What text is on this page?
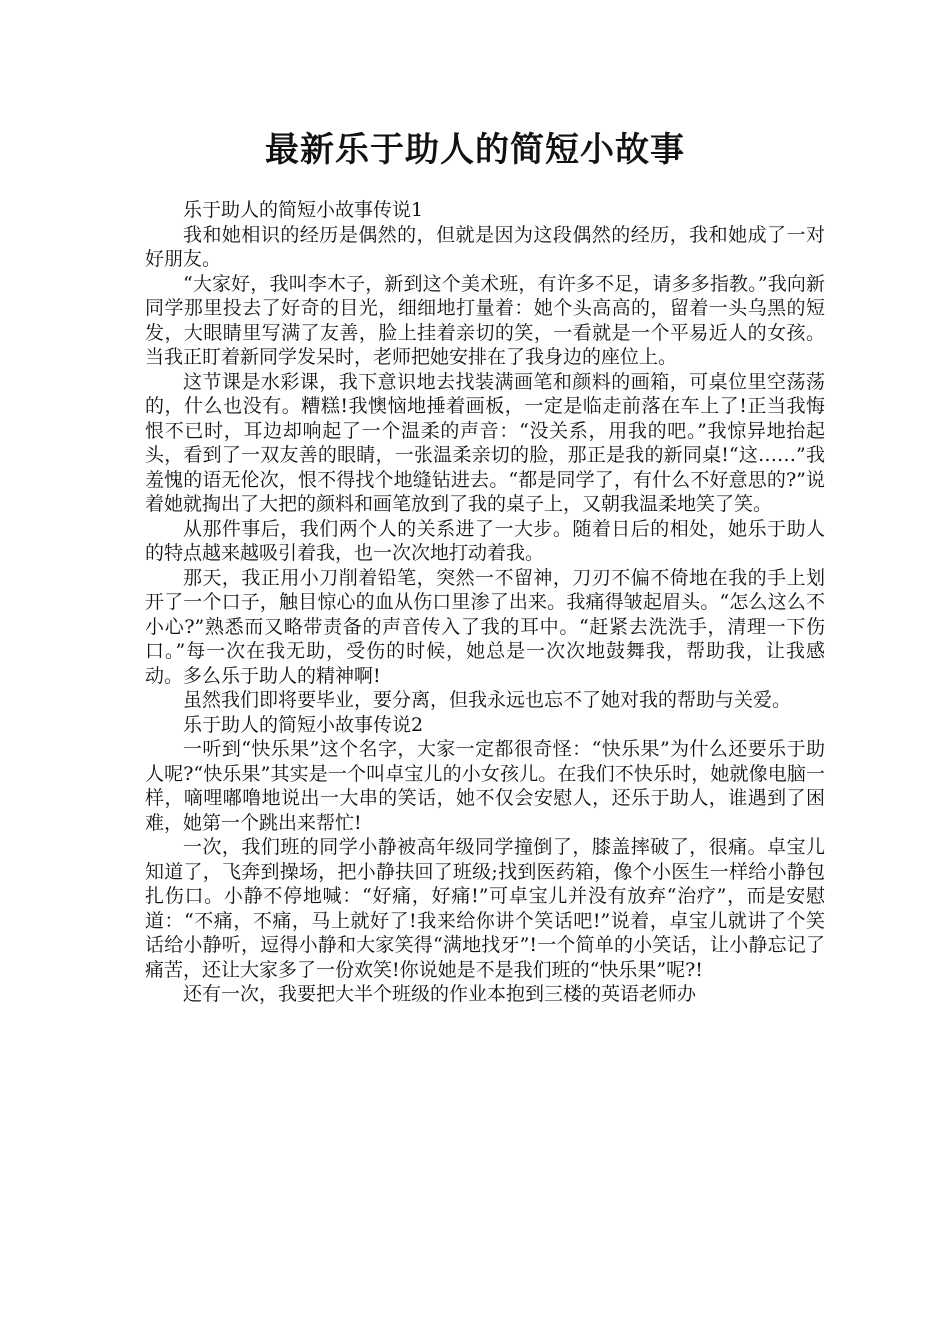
最新乐于助人的简短小故事

乐于助人的简短小故事传说1

我和她相识的经历是偶然的，但就是因为这段偶然的经历，我和她成了一对好朋友。

“大家好，我叫李木子，新到这个美术班，有许多不足，请多多指教。”我向新同学那里投去了好奇的目光，细细地打量着：她个头高高的，留着一头乌黑的短发，大眼睛里写满了友善，脸上挂着亲切的笑，一看就是一个平易近人的女孩。当我正盯着新同学发呆时，老师把她安排在了我身边的座位上。

这节课是水彩课，我下意识地去找装满画笔和颜料的画箱，可桌位里空荡荡的，什么也没有。糟糕!我懊恼地捶着画板，一定是临走前落在车上了!正当我悔恨不已时，耳边却响起了一个温柔的声音：“没关系，用我的吧。”我惊异地抬起头，看到了一双友善的眼睛，一张温柔亲切的脸，那正是我的新同桌!“这……”我羞愧的语无伦次，恨不得找个地缝钻进去。“都是同学了，有什么不好意思的?”说着她就掏出了大把的颜料和画笔放到了我的桌子上，又朝我温柔地笑了笑。

从那件事后，我们两个人的关系进了一大步。随着日后的相处，她乐于助人的特点越来越吸引着我，也一次次地打动着我。

那天，我正用小刀削着铅笔，突然一不留神，刀刃不偏不倚地在我的手上划开了一个口子，触目惊心的血从伤口里渗了出来。我痛得皱起眉头。“怎么这么不小心?”熟悉而又略带责备的声音传入了我的耳中。“赶紧去洗洗手，清理一下伤口。”每一次在我无助，受伤的时候，她总是一次次地鼓舞我，帮助我，让我感动。多么乐于助人的精神啊!

虽然我们即将要毕业，要分离，但我永远也忘不了她对我的帮助与关爱。

乐于助人的简短小故事传说2

一听到“快乐果”这个名字，大家一定都很奇怪：“快乐果”为什么还要乐于助人呢?“快乐果”其实是一个叫卓宝儿的小女孩儿。在我们不快乐时，她就像电脑一样，嘀哩嘟噜地说出一大串的笑话，她不仅会安慰人，还乐于助人，谁遇到了困难，她第一个跳出来帮忙!

一次，我们班的同学小静被高年级同学撞倒了，膝盖摔破了，很痛。卓宝儿知道了，飞奔到操场，把小静扶回了班级;找到医药箱，像个小医生一样给小静包扎伤口。小静不停地喊：“好痛，好痛!”可卓宝儿并没有放弃“治疗”，而是安慰道：“不痛，不痛，马上就好了!我来给你讲个笑话吧!”说着，卓宝儿就讲了个笑话给小静听，逗得小静和大家笑得“满地找牙”!一个简单的小笑话，让小静忘记了痛苦，还让大家多了一份欢笑!你说她是不是我们班的“快乐果”呢?!

还有一次，我要把大半个班级的作业本抱到三楼的英语老师办
